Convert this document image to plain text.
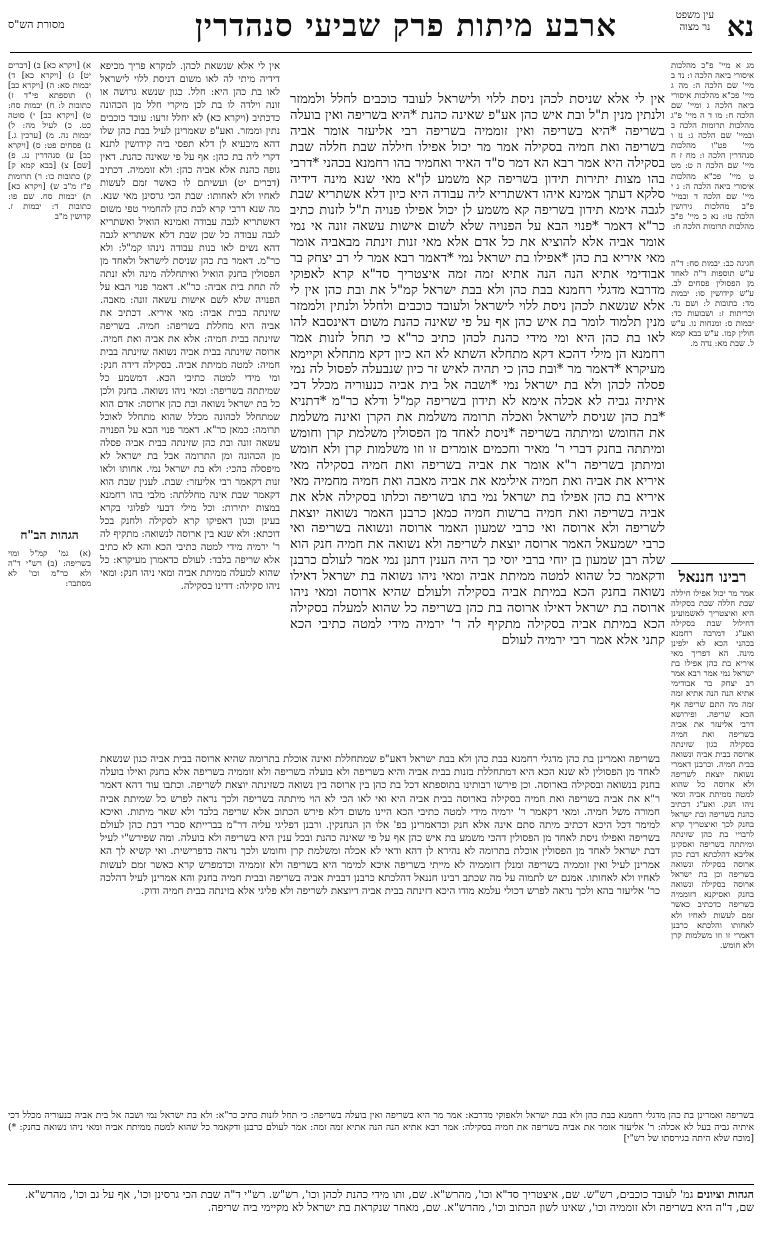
נא
עין משפט
נר מצוה
ארבע מיתות פרק שביעי סנהדרין
מסורת הש"ס
מג א מיי' פ"כ מהלכות איסורי ביאה הלכה ו: נד ב מיי' שם הלכה ה: מה ג מיי' פכ"א מהלכות איסורי ביאה הלכה ג ומיי' שם הלכה ח: מו ד ה מיי' פ"ג מהלכות תרומות הלכה ב ובמיי' שם הלכה ג: נז ו מיי' פט"ו מהלכות סנהדרין הלכה ו: מח ז ח מיי' שם הלכה ה ט: מט ט מיי' פכ"א מהלכות איסורי ביאה הלכה ה: נ י מיי' שם הלכה ד ובמיי' פ"ב מהלכות גירושין הלכה טו: נא כ מיי' פ"ב מהלכות תרומות הלכה ח:
חגיגה כב: יבמות סח: ד"ה ע"ש תוספות ד"ה לאחד מן הפסולין פסחים לב. ע"ש קידושין סו: יבמות מד: כתובות ל: ושם נד. וכריתות ז: ושבועות כד: יבמות ס: ומנחות נו. ע"ש חולין קמו. ע"ש בבא קמא ל. שבת מא: נדה מ.
א) [ויקרא כא] ב) [דברים יט] ג) [ויקרא כא] ד) יבמות סא: ה) [ויקרא כב] ו) תוספתא פי"ד ז) כתובות ל: ח) יבמות סח: ט) [ויקרא כב] י) סוטה כט. כ) לעיל מה: ל) יבמות נה. מ) [ערכין ג.] נ) פסחים פט: ס) [ויקרא כב] ע) סנהדרין נג. פ) [שם] צ) [בבא קמא ק] ק) כתובות כו: ר) תרומות פ"ז מ"ב ש) [ויקרא כא] ת) יבמות סח. שם פו: כתובות ד: יבמות ז. קדושין מ"ב
הגהות הב"ח
(א) גמ' קמ"ל ומוי בשריפה: (ב) רש"י ד"ה ולא כר"מ וכו' לא מסתבר:	רבינו חננאל
אמר מר יכול אפילו חיללה שבת חללה שבת בסקילה היא ואיצטריך לאשמועינן דחילול שבת בסקילה ואע"ג דמרבה רחמנא בכהני הכא לא ילפינן מינה. הא דפריך מאי איריא בת כהן אפילו בת ישראל נמי אמר רבא אמר רב יצחק בר אבודימי אתיא הנה הנה אתיא זמה זמה מה התם שריפה אף הכא שריפה. ופירושא דרבי אליעזר את אביה בשריפה ואת חמיה בסקילה כגון שזינתה ארוסה בבית אביה ונשואה בבית חמיה. וכרבנן דאמרי נשואה יוצאת לשריפה ולא ארוסה כל שהוא למטה ממיתת אביה ומאי ניהו חנק. ואע"ג דכתיב כהנת בשריפה ובת ישראל בחנק לכך ואיצטריך קרא לרבויי בת כהן שזינתה ומיתתה בשריפה ואסקינן אליבא דהלכתא דבת כהן ארוסה בסקילה ונשואה בשריפה וכן בת ישראל ארוסה בסקילה ונשואה בחנק ואסיקנא דזוממיה בשריפה כדכתיב כאשר זמם לעשות לאחיו ולא לאחותו והלכתא כרבנן דאמרי זו וזו משלמות קרן ולא חומש.
אין לי אלא שניסת לכהן ניסת ללוי ולישראל לעובד כוכבים לחלל ולממזר ולנתין מנין ת"ל ובת איש כהן אע"פ שאינה כהנת *היא בשריפה ואין בועלה בשריפה *היא בשריפה ואין זוממיה בשריפה רבי אליעזר אומר אביה בשריפה ואת חמיה בסקילה אמר מר יכול אפילו חיללה שבת חללה שבת בסקילה היא אמר רבא הא דמר ס"ד האיר ואחמיר בהו רחמנא בכהני *דרבי בהו מצות יתירות תידון בשריפה קא משמע לן"א מאי שנא מינה דידיה סלקא דעתך אמינא איהו דאשתריא ליה עבודה היא כיון דלא אשתריא שבת לגבה אימא תידון בשריפה קא משמע לן יכול אפילו פנויה ת"ל לזנות כתיב כר"א דאמר *פנוי הבא על הפנויה שלא לשום אישות עשאה זונה אי נמי אומר אביה אלא להוציא את כל אדם אלא מאי זנות זינתה מבאביה אומר מאי איריא בת כהן *אפילו בת ישראל נמי *דאמר רבא אמר לי רב יצחק בר אבודימי אתיא הנה הנה אתיא זמה זמה איצטריך סד"א קרא לאפוקי מדרבא מדגלי רחמנא בבת כהן ולא בבת ישראל קמ"ל את ובת כהן אין לי אלא שנשאת לכהן ניסת ללוי לישראל ולעובד כוכבים ולחלל ולנתין ולממזר מנין תלמוד לומר בת איש כהן אף על פי שאינה כהנת משום דאינסבא להו לאו בת כהן היא ומי מידי כהנת לכהן כתיב כר"א כי תחל לזנות אמר רחמנא הן מילי דהכא דקא מתחלא השתא לא הא כיון דקא מתחלא וקיימא מעיקרא *דאמר מר *ובת כהן כי תהיה לאיש זר כיון שנבעלה לפסול לה נמי פסלה לכהן ולא בת ישראל נמי *ושבה אל בית אביה כנעוריה מכלל דכי איתיה גביה לא אכלה אימא לא תידון בשריפה קמ"ל ודלא כר"מ *דתניא *בת כהן שניסת לישראל ואכלה תרומה משלמת את הקרן ואינה משלמת את החומש ומיתתה בשריפה *ניסת לאחד מן הפסולין משלמת קרן וחומש ומיתתה בחנק דברי ר' מאיר וחכמים אומרים זו וזו משלמות קרן ולא חומש ומיתתן בשריפה ר"א אומר את אביה בשריפה ואת חמיה בסקילה מאי איריא את אביה ואת חמיה אילימא את אביה מאבה ואת חמיה מחמיה מאי איריא בת כהן אפילו בת ישראל נמי בתו בשריפה וכלתו בסקילה אלא את אביה בשריפה ואת חמיה ברשות חמיה כמאן כרבנן האמר נשואה יוצאת לשריפה ולא ארוסה ואי כרבי שמעון האמר ארוסה ונשואה בשריפה ואי כרבי ישמעאל האמר ארוסה יוצאת לשריפה ולא נשואה את חמיה חנק הוא שלה רבן שמעון בן יוחי ברבי יוסי כך היה הענין דתנן נמי אמר לעולם כרבנן ודקאמר כל שהוא למטה ממיתת אביה ומאי ניהו נשואה בת ישראל דאילו נשואה בחנק הכא במיתת אביה בסקילה ולעולם שהיא ארוסה ומאי ניהו ארוסה בת ישראל דאילו ארוסה בת כהן בשריפה כל שהוא למעלה בסקילה הכא במיתת אביה בסקילה מתקיף לה ר' ירמיה מידי למטה כתיבי הכא קתני אלא אמר רבי ירמיה לעולם
אין לי אלא שנשאת לכהן. למקרא פריך מכיפא דידיה מיתי לה לאו משום דניסת ללוי לישראל לאו בת כהן היא: חלל. כגון שנשא גרושה או זונה וילדה לו בת לכן מיקרי חלל מן הכהונה כדכתיב (ויקרא כא) לא יחלל זרעו: עובד כוכבים נתין וממזר. ואע"פ שאמרינן לעיל בבת כהן שלו דהא מיבעיא לן דלא תפסי ביה קידושין לתנא דקרי ליה בת כהן: אף על פי שאינה כהנת. דאין גופה כהנת אלא אביה כהן: ולא זוממיה. דכתיב (דברים יט) ועשיתם לו כאשר זמם לעשות לאחיו ולא לאחותו: שבת הכי גרסינן מאי שנא. מה שנא דרבי קרא לבת כהן להחמיר טפי משום דאשתריא לגבה עבודה ואמינא הואיל ואשתריא לגבה עבודה כל שכן שבת דלא אשתריא לגבה דהא נשים לאו בנות עבודה נינהו קמ"ל: ולא כר"מ. דאמר בת כהן שניסת לישראל ולאחד מן הפסולין בחנק הואיל ואיתחללה מינה ולא זנתה לה תחת בית אביה: כר"א. דאמר פנוי הבא על הפנויה שלא לשם אישות עשאה זונה: מאבה. שזינתה בבית אביה: מאי איריא. דכתיב את אביה היא מחללת בשריפה: חמיה. בשריפה שזינתה בבית חמיה: אלא את אביה ואת חמיה. ארוסה שזינתה בבית אביה נשואה שזינתה בבית חמיה: למטה ממיתת אביה. בסקילה דידה חנק: ומי מידי למטה כתיבי הכא. דמשמע כל שמיתתה בשריפה: ומאי ניהו נשואה. בחנק ולכן כל בת ישראל נשואה ובת כהן ארוסה: אדם הוא שמתחלל לכהונה מכלל שהוא מתחלל לאוכל תרומה: כמאן כר"א. דאמר פנוי הבא על הפנויה עשאה זונה ובת כהן שזינתה בבית אביה פסלה מן הכהונה ומן התרומה אבל בת ישראל לא מיפסלה בהכי: ולא בת ישראל נמי. אחותו ולאו זנות דקאמר רבי אליעזר: שבת. לענין שבת הוא דקאמר שבת אינה מחללתה: מלבי בהו רחמנא במצות יתירות: וכל מילי דבעי לפלוגי בקרא בעינן וכגון דאפיקו קרא לסקילה ולחנק בכל דוכתא: ולא שנא בין ארוסה לנשואה: מתקיף לה ר' ירמיה מידי למטה כתיבי הכא והא לא כתיב אלא שריפה בלבד: לעולם כדאמרן מעיקרא: כל שהוא למעלה ממיתת אביה ומאי ניהו חנק: ומאי ניהו סקילה: דדינו בסקילה.
בשריפה ואמרינן בת כהן מדגלי רחמנא בבת כהן ולא בבת ישראל דאע"פ שמתחללת ואינה אוכלת בתרומה שהיא ארוסה בבית אביה כגון שנשאת לאחד מן הפסולין לא שנא הכא היא דמתחללת בזנות בבית אביה והיא בשריפה ולא בועלה בשריפה ולא זוממיה בשריפה אלא בחנק ואילו בועלה בחנק בנשואה ובסקילה בארוסה. וכן פירשו רבותינו בתוספתא דכל בת כהן בין ארוסה בין נשואה כשזינתה יוצאת לשריפה. וכתבו עוד דהא דאמר ר"א את אביה בשריפה ואת חמיה בסקילה בארוסה בבית אביה היא ואי לאו הכי לא הוי מיתתה בשריפה ולכך נראה לפרש כל שמיתת אביה חמורה משל חמיה. ומאי דקאמר ר' ירמיה מידי למטה כתיבי הכא היינו משום דלא פירש הכתוב אלא שריפה בלבד ולא שאר מיתות. ואיכא למימר דכל היכא דכתיב מיתה סתם אינה אלא חנק וכדאמרינן בפ' אלו הן הנחנקין. ורבנן דפליגי עליה דר"מ בברייתא סברי דבת כהן לעולם בשריפה ואפילו ניסת לאחד מן הפסולין דהכי משמע בת איש כהן אף על פי שאינה כהנת ובכל ענין היא בשריפה ולא בועלה. ומה שפירש"י לעיל דבת ישראל לאחד מן הפסולין אוכלת בתרומה לא נהירא לן דהא ודאי לא אכלה ומשלמת קרן וחומש ולכך נראה כדפרישית. ואי קשיא לך הא אמרינן לעיל ואין זוממיה בשריפה ומנלן דזוממיה לא מייתי בשריפה איכא למימר היא בשריפה ולא זוממיה וכדמפרש קרא כאשר זמם לעשות לאחיו ולא לאחותו. אמנם יש לתמוה על מה שכתב רבינו חננאל דהלכתא כרבנן דבבית אביה בשריפה ובבית חמיה בחנק והא אמרינן לעיל דהלכה כר' אליעזר בהא ולכך נראה לפרש דכולי עלמא מודו היכא דזינתה בבית אביה דיוצאת לשריפה ולא פליגי אלא בזינתה בבית חמיה ודוק.
בשריפה ואמרינן בת כהן מדגלי רחמנא בבת כהן ולא בבת ישראל ולאפוקי מדרבא: אמר מר היא בשריפה ואין בועלה בשריפה: כי תחל לזנות כתיב כר"א: ולא בת ישראל נמי ושבה אל בית אביה כנעוריה מכלל דכי איתיה גביה בעל לא אכלה: ר' אליעזר אומר את אביה בשריפה את חמיה בסקילה: אמר רבא אתיא הנה הנה אתיא זמה זמה: אמר לעולם כרבנן ודקאמר כל שהוא למטה ממיתת אביה ומאי ניהו נשואה בחנק: *) [מוכח שלא היתה בגירסתו של רש"י]
הגהות וציונים גמ' לעובד כוכבים, רש"ש. שם, איצטריך סד"א וכו', מהרש"א. שם, ותו מידי כהנת לכהן וכו', רש"ש. רש"י ד"ה שבת הכי גרסינן וכו', אף על גב וכו', מהרש"א. שם, ד"ה היא בשריפה ולא זוממיה וכו', שאינו לשון הכתוב וכו', מהרש"א. שם, מאחר שנקראת בת ישראל לא מקיימי ביה שריפה.
